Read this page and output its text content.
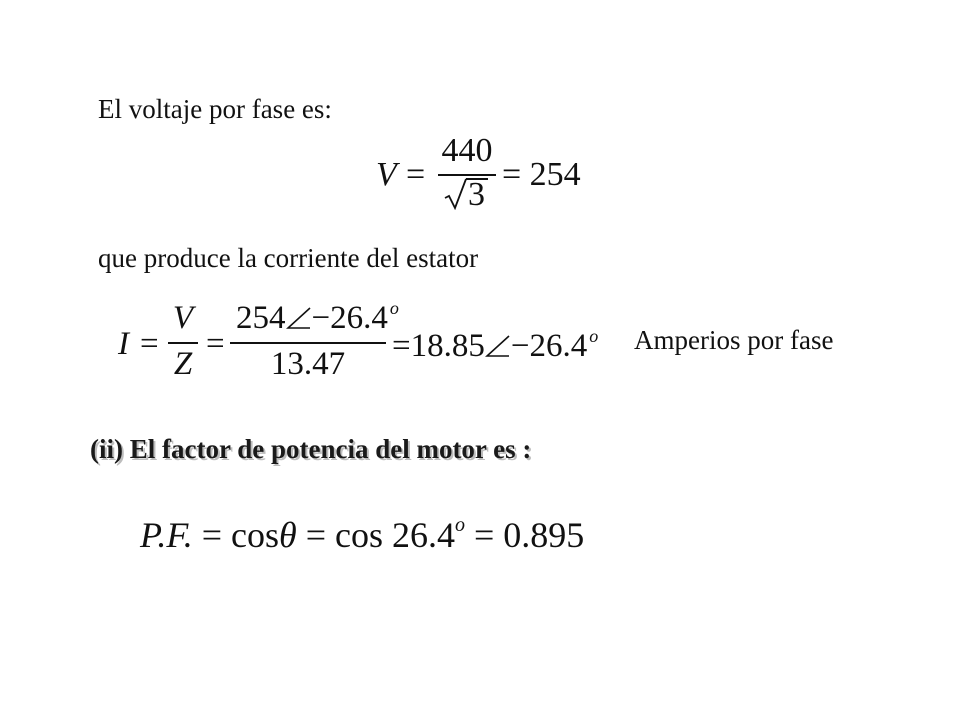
El voltaje por fase es:
V =
440
3
= 254
que produce la corriente del estator
I =
V
Z
=
254 −26.4 $^o$
13.47	=18.85 −26.4 $^o$ Amperios por fase
(ii) El factor de potencia del motor es :
P.F. = $\cos\theta = \cos 26.4^o = 0.895$
